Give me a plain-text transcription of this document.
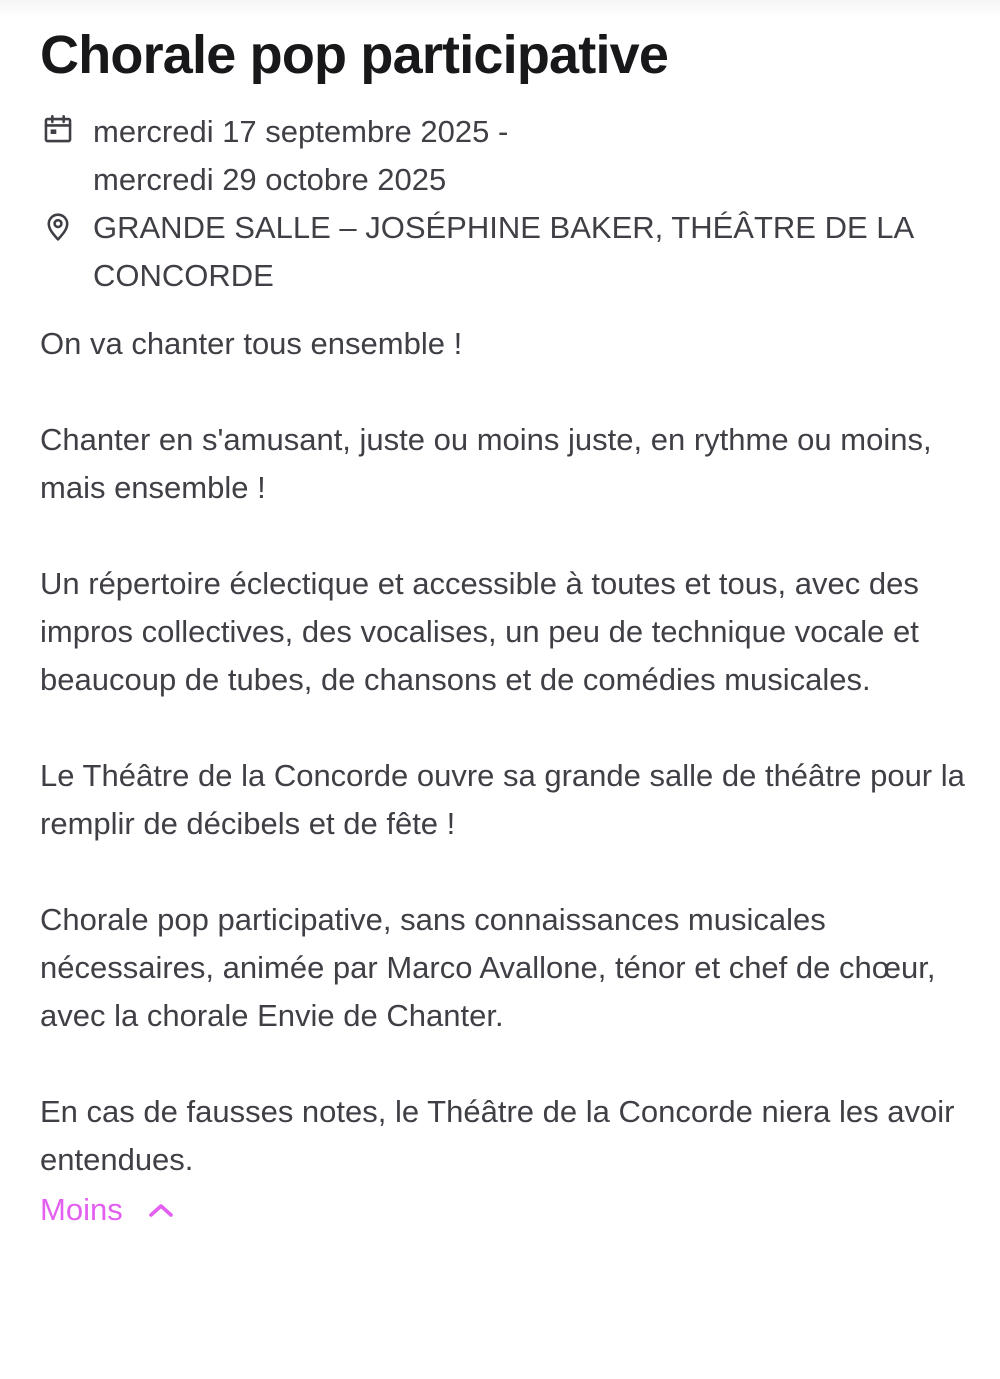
Chorale pop participative
mercredi 17 septembre 2025 -
mercredi 29 octobre 2025
GRANDE SALLE – JOSÉPHINE BAKER, THÉÂTRE DE LA
CONCORDE

On va chanter tous ensemble !

Chanter en s'amusant, juste ou moins juste, en rythme ou moins, mais ensemble !

Un répertoire éclectique et accessible à toutes et tous, avec des impros collectives, des vocalises, un peu de technique vocale et beaucoup de tubes, de chansons et de comédies musicales.

Le Théâtre de la Concorde ouvre sa grande salle de théâtre pour la remplir de décibels et de fête !

Chorale pop participative, sans connaissances musicales nécessaires, animée par Marco Avallone, ténor et chef de chœur, avec la chorale Envie de Chanter.

En cas de fausses notes, le Théâtre de la Concorde niera les avoir entendues.

Moins
